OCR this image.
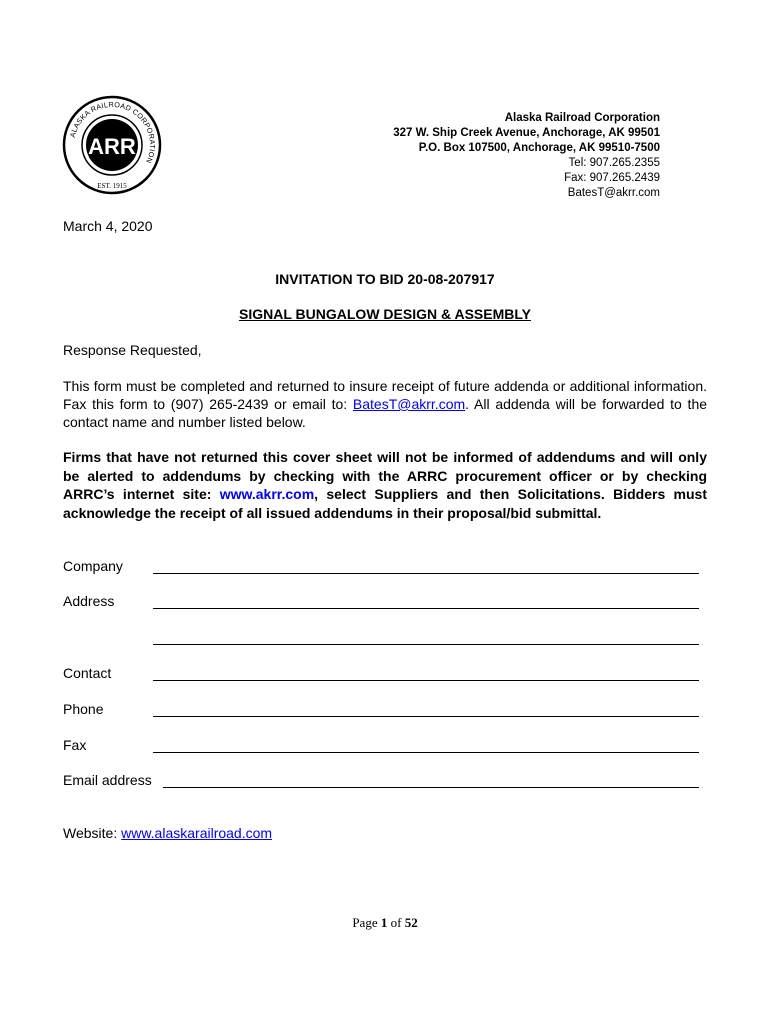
ALASKA RAILROAD CORPORATION
ARR
EST. 1915
Alaska Railroad Corporation
327 W. Ship Creek Avenue, Anchorage, AK 99501
P.O. Box 107500, Anchorage, AK 99510-7500
Tel: 907.265.2355
Fax: 907.265.2439
BatesT@akrr.com
March 4, 2020
INVITATION TO BID 20-08-207917
SIGNAL BUNGALOW DESIGN & ASSEMBLY
Response Requested,
This form must be completed and returned to insure receipt of future addenda or additional information. Fax this form to (907) 265-2439 or email to: BatesT@akrr.com. All addenda will be forwarded to the contact name and number listed below.
Firms that have not returned this cover sheet will not be informed of addendums and will only be alerted to addendums by checking with the ARRC procurement officer or by checking ARRC’s internet site: www.akrr.com, select Suppliers and then Solicitations. Bidders must acknowledge the receipt of all issued addendums in their proposal/bid submittal.
Company
Address
Contact
Phone
Fax
Email address
Website: www.alaskarailroad.com
Page 1 of 52
